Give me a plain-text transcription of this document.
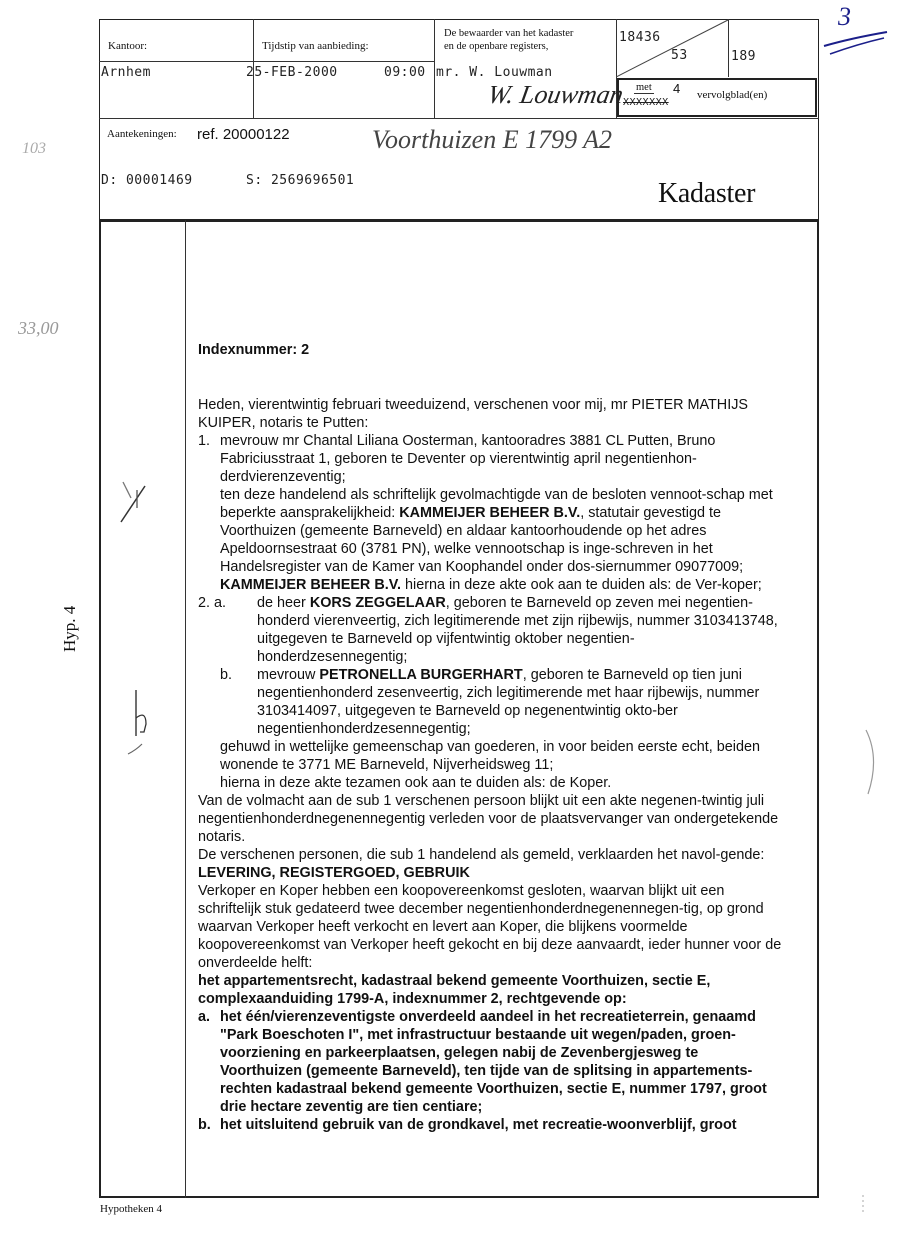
Kantoor:
Arnhem
Tijdstip van aanbieding:
25-FEB-2000	09:00
De bewaarder van het kadaster
en de openbare registers,
mr. W. Louwman
W. Louwman
18436
53	189
met
XXXXXXX
4 vervolgblad(en)
Aantekeningen: ref. 20000122	Voorthuizen E 1799 A2
D: 00001469	S: 2569696501	Kadaster
Hyp. 4
103
33,00
3
Indexnummer: 2

Heden, vierentwintig februari tweeduizend, verschenen voor mij, mr PIETER MATHIJS KUIPER, notaris te Putten:

1. mevrouw mr Chantal Liliana Oosterman, kantooradres 3881 CL Putten, Bruno Fabriciusstraat 1, geboren te Deventer op vierentwintig april negentienhon-derdvierenzeventig;

ten deze handelend als schriftelijk gevolmachtigde van de besloten vennoot-schap met beperkte aansprakelijkheid: KAMMEIJER BEHEER B.V., statutair gevestigd te Voorthuizen (gemeente Barneveld) en aldaar kantoorhoudende op het adres Apeldoornsestraat 60 (3781 PN), welke vennootschap is inge-schreven in het Handelsregister van de Kamer van Koophandel onder dos-siernummer 09077009;

KAMMEIJER BEHEER B.V. hierna in deze akte ook aan te duiden als: de Ver-koper;

2. a. de heer KORS ZEGGELAAR, geboren te Barneveld op zeven mei negentien-honderd vierenveertig, zich legitimerende met zijn rijbewijs, nummer 3103413748, uitgegeven te Barneveld op vijfentwintig oktober negentien-honderdzesennegentig;

b. mevrouw PETRONELLA BURGERHART, geboren te Barneveld op tien juni negentienhonderd zesenveertig, zich legitimerende met haar rijbewijs, nummer 3103414097, uitgegeven te Barneveld op negenentwintig okto-ber negentienhonderdzesennegentig;

gehuwd in wettelijke gemeenschap van goederen, in voor beiden eerste echt, beiden wonende te 3771 ME Barneveld, Nijverheidsweg 11;

hierna in deze akte tezamen ook aan te duiden als: de Koper.

Van de volmacht aan de sub 1 verschenen persoon blijkt uit een akte negenen-twintig juli negentienhonderdnegenennegentig verleden voor de plaatsvervanger van ondergetekende notaris.

De verschenen personen, die sub 1 handelend als gemeld, verklaarden het navol-gende:

LEVERING, REGISTERGOED, GEBRUIK

Verkoper en Koper hebben een koopovereenkomst gesloten, waarvan blijkt uit een schriftelijk stuk gedateerd twee december negentienhonderdnegenennegen-tig, op grond waarvan Verkoper heeft verkocht en levert aan Koper, die blijkens voormelde koopovereenkomst van Verkoper heeft gekocht en bij deze aanvaardt, ieder hunner voor de onverdeelde helft:

het appartementsrecht, kadastraal bekend gemeente Voorthuizen, sectie E, complexaanduiding 1799-A, indexnummer 2, rechtgevende op:

a. het één/vierenzeventigste onverdeeld aandeel in het recreatieterrein, genaamd "Park Boeschoten I", met infrastructuur bestaande uit wegen/paden, groen-voorziening en parkeerplaatsen, gelegen nabij de Zevenbergjesweg te Voorthuizen (gemeente Barneveld), ten tijde van de splitsing in appartements-rechten kadastraal bekend gemeente Voorthuizen, sectie E, nummer 1797, groot drie hectare zeventig are tien centiare;

b. het uitsluitend gebruik van de grondkavel, met recreatie-woonverblijf, groot

Hypotheken 4
